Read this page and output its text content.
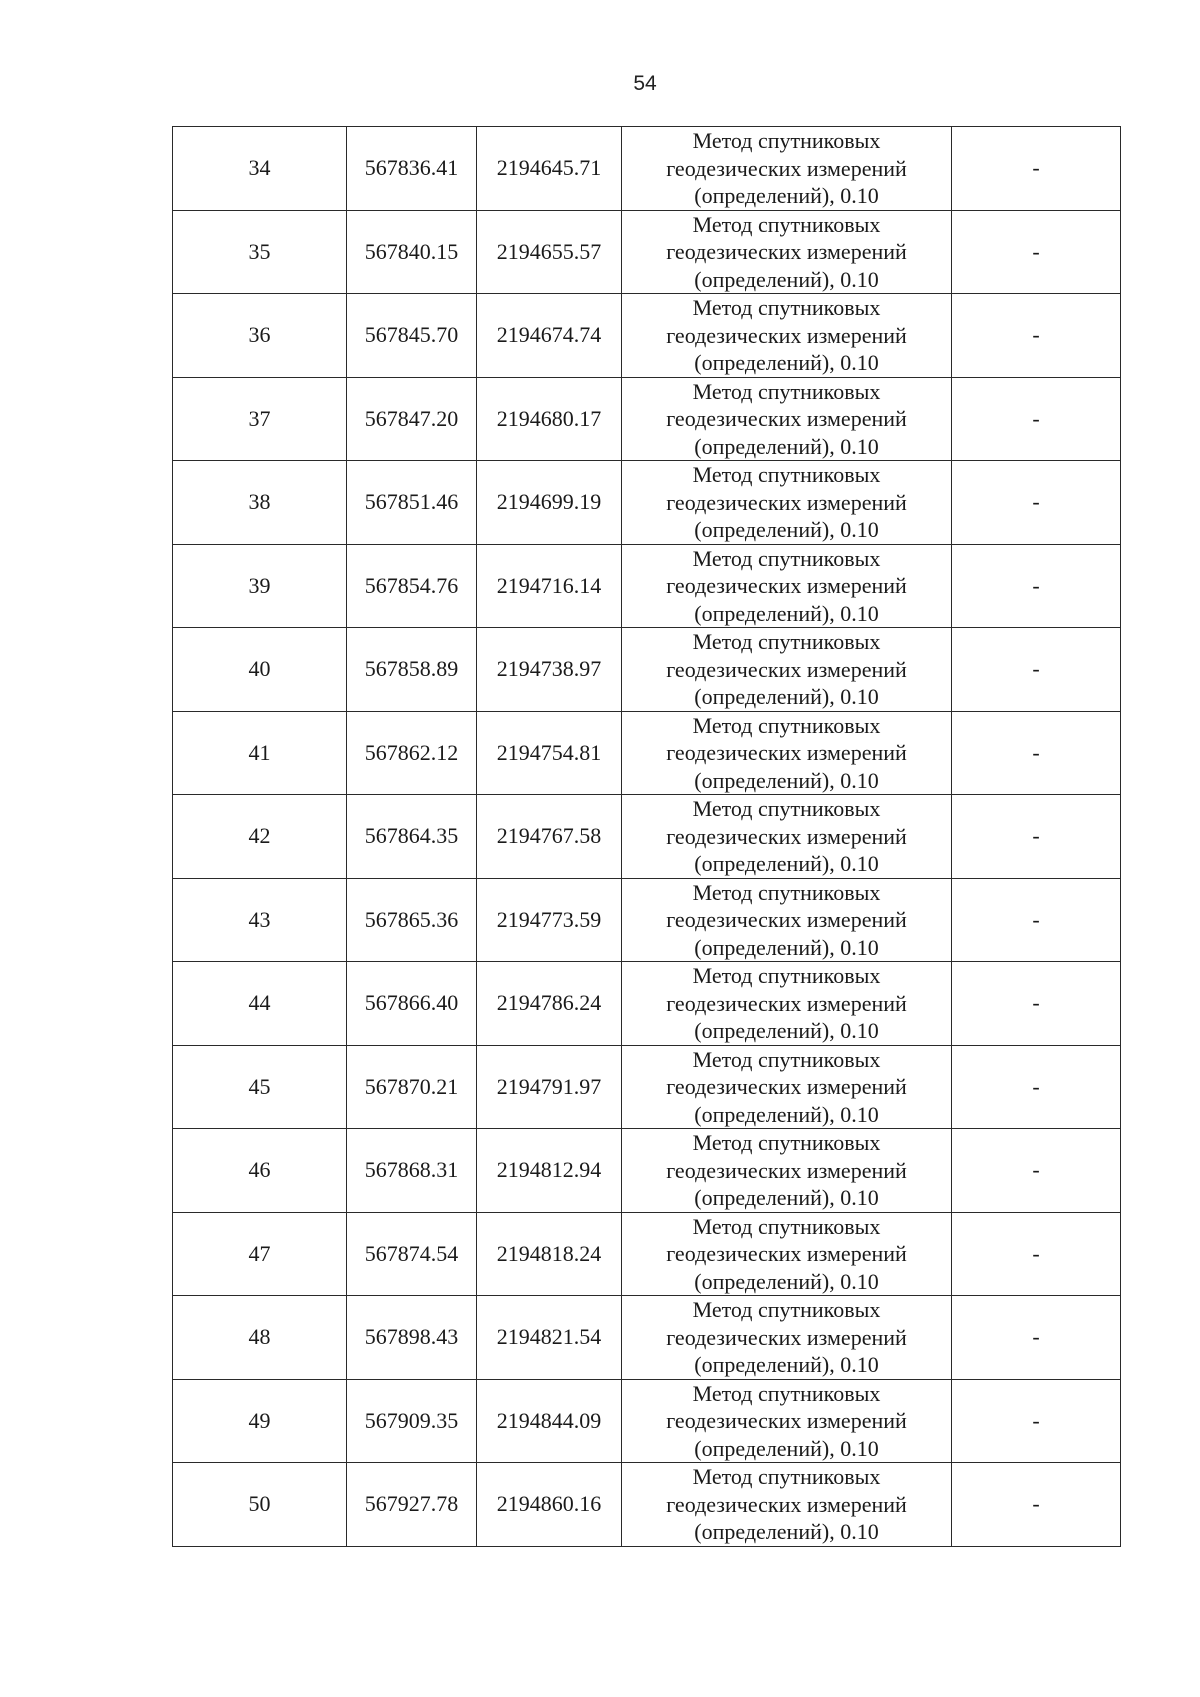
54
34	567836.41	2194645.71	Метод спутниковых
геодезических измерений
(определений), 0.10	-
35	567840.15	2194655.57	Метод спутниковых
геодезических измерений
(определений), 0.10	-
36	567845.70	2194674.74	Метод спутниковых
геодезических измерений
(определений), 0.10	-
37	567847.20	2194680.17	Метод спутниковых
геодезических измерений
(определений), 0.10	-
38	567851.46	2194699.19	Метод спутниковых
геодезических измерений
(определений), 0.10	-
39	567854.76	2194716.14	Метод спутниковых
геодезических измерений
(определений), 0.10	-
40	567858.89	2194738.97	Метод спутниковых
геодезических измерений
(определений), 0.10	-
41	567862.12	2194754.81	Метод спутниковых
геодезических измерений
(определений), 0.10	-
42	567864.35	2194767.58	Метод спутниковых
геодезических измерений
(определений), 0.10	-
43	567865.36	2194773.59	Метод спутниковых
геодезических измерений
(определений), 0.10	-
44	567866.40	2194786.24	Метод спутниковых
геодезических измерений
(определений), 0.10	-
45	567870.21	2194791.97	Метод спутниковых
геодезических измерений
(определений), 0.10	-
46	567868.31	2194812.94	Метод спутниковых
геодезических измерений
(определений), 0.10	-
47	567874.54	2194818.24	Метод спутниковых
геодезических измерений
(определений), 0.10	-
48	567898.43	2194821.54	Метод спутниковых
геодезических измерений
(определений), 0.10	-
49	567909.35	2194844.09	Метод спутниковых
геодезических измерений
(определений), 0.10	-
50	567927.78	2194860.16	Метод спутниковых
геодезических измерений
(определений), 0.10	-
